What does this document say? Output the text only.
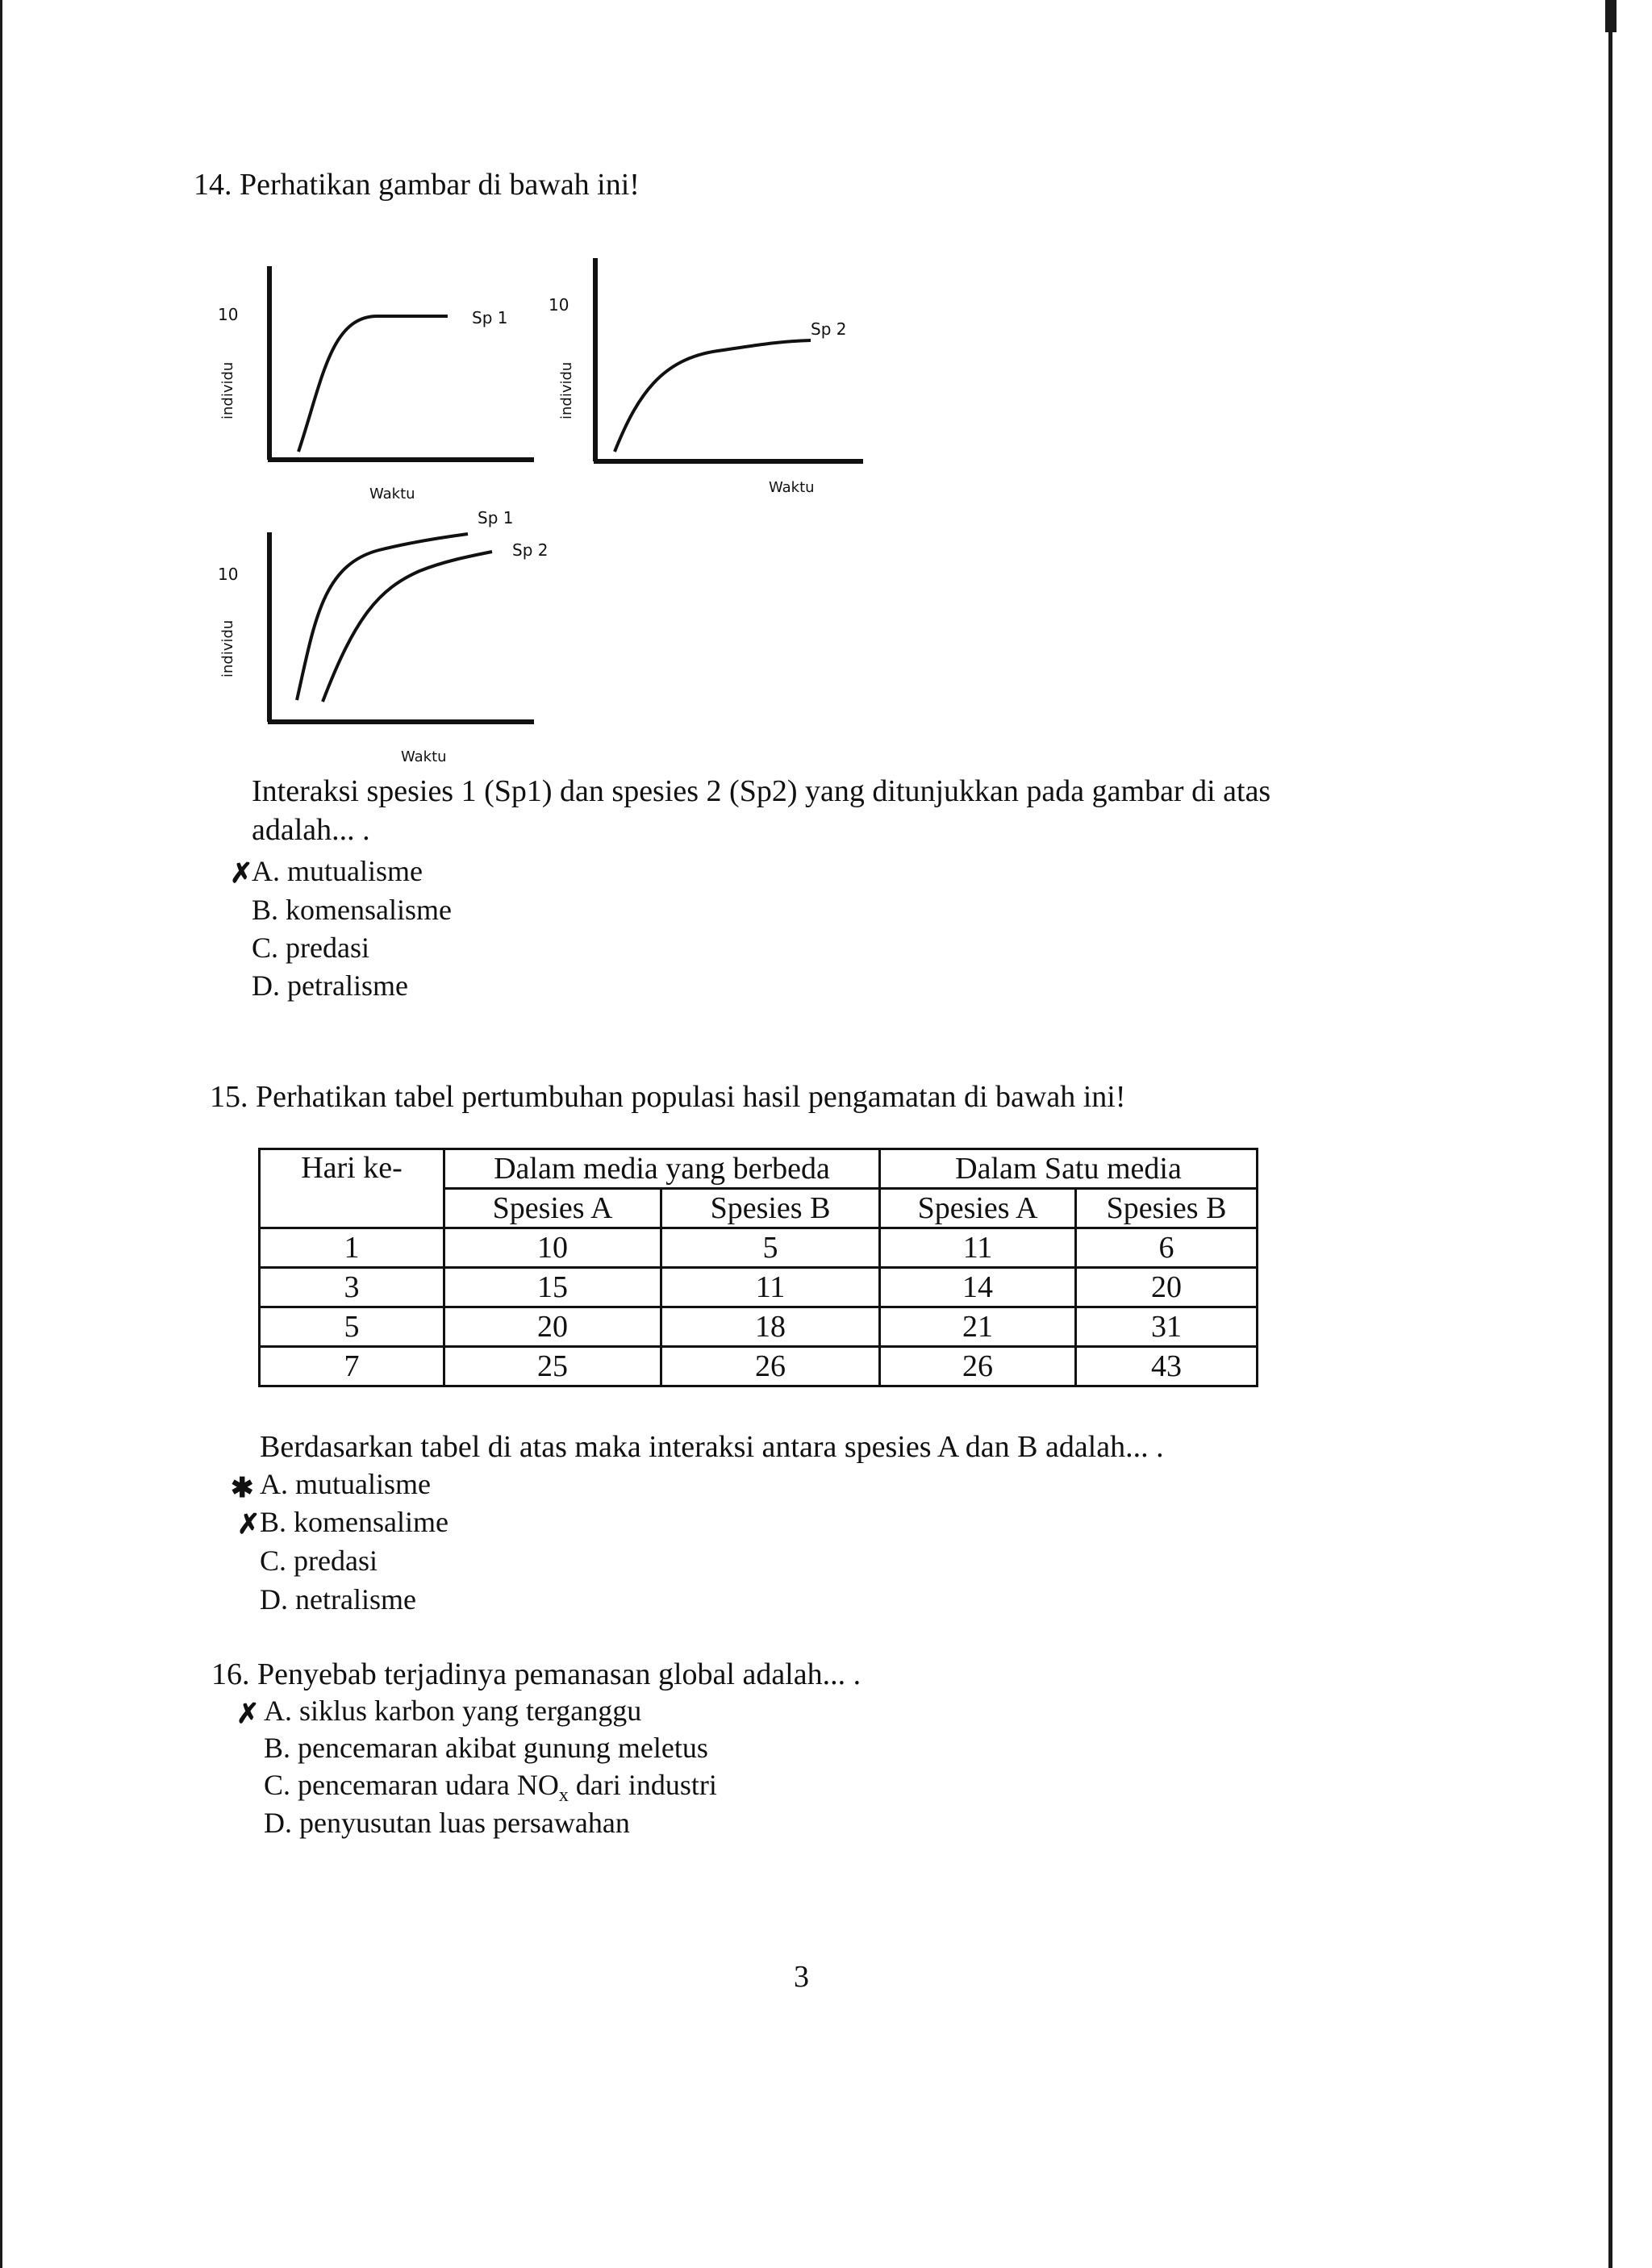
14. Perhatikan gambar di bawah ini!
10
individu
Sp 1
Waktu
10
individu
Sp 2
Waktu
10
individu
Sp 1
Sp 2
Waktu
Interaksi spesies 1 (Sp1) dan spesies 2 (Sp2) yang ditunjukkan pada gambar di atas
adalah... .
✗
A. mutualisme
B. komensalisme
C. predasi
D. petralisme
15. Perhatikan tabel pertumbuhan populasi hasil pengamatan di bawah ini!
Hari ke-	Dalam media yang berbeda		Dalam Satu media	
	Spesies A	Spesies B	Spesies A	Spesies B
1	10	5	11	6
3	15	11	14	20
5	20	18	21	31
7	25	26	26	43
Berdasarkan tabel di atas maka interaksi antara spesies A dan B adalah... .
✱ A. mutualisme
✗ B. komensalime
C. predasi
D. netralisme
16. Penyebab terjadinya pemanasan global adalah... .
✗ A. siklus karbon yang terganggu
B. pencemaran akibat gunung meletus
C. pencemaran udara $NO_x$ dari industri
D. penyusutan luas persawahan
3
